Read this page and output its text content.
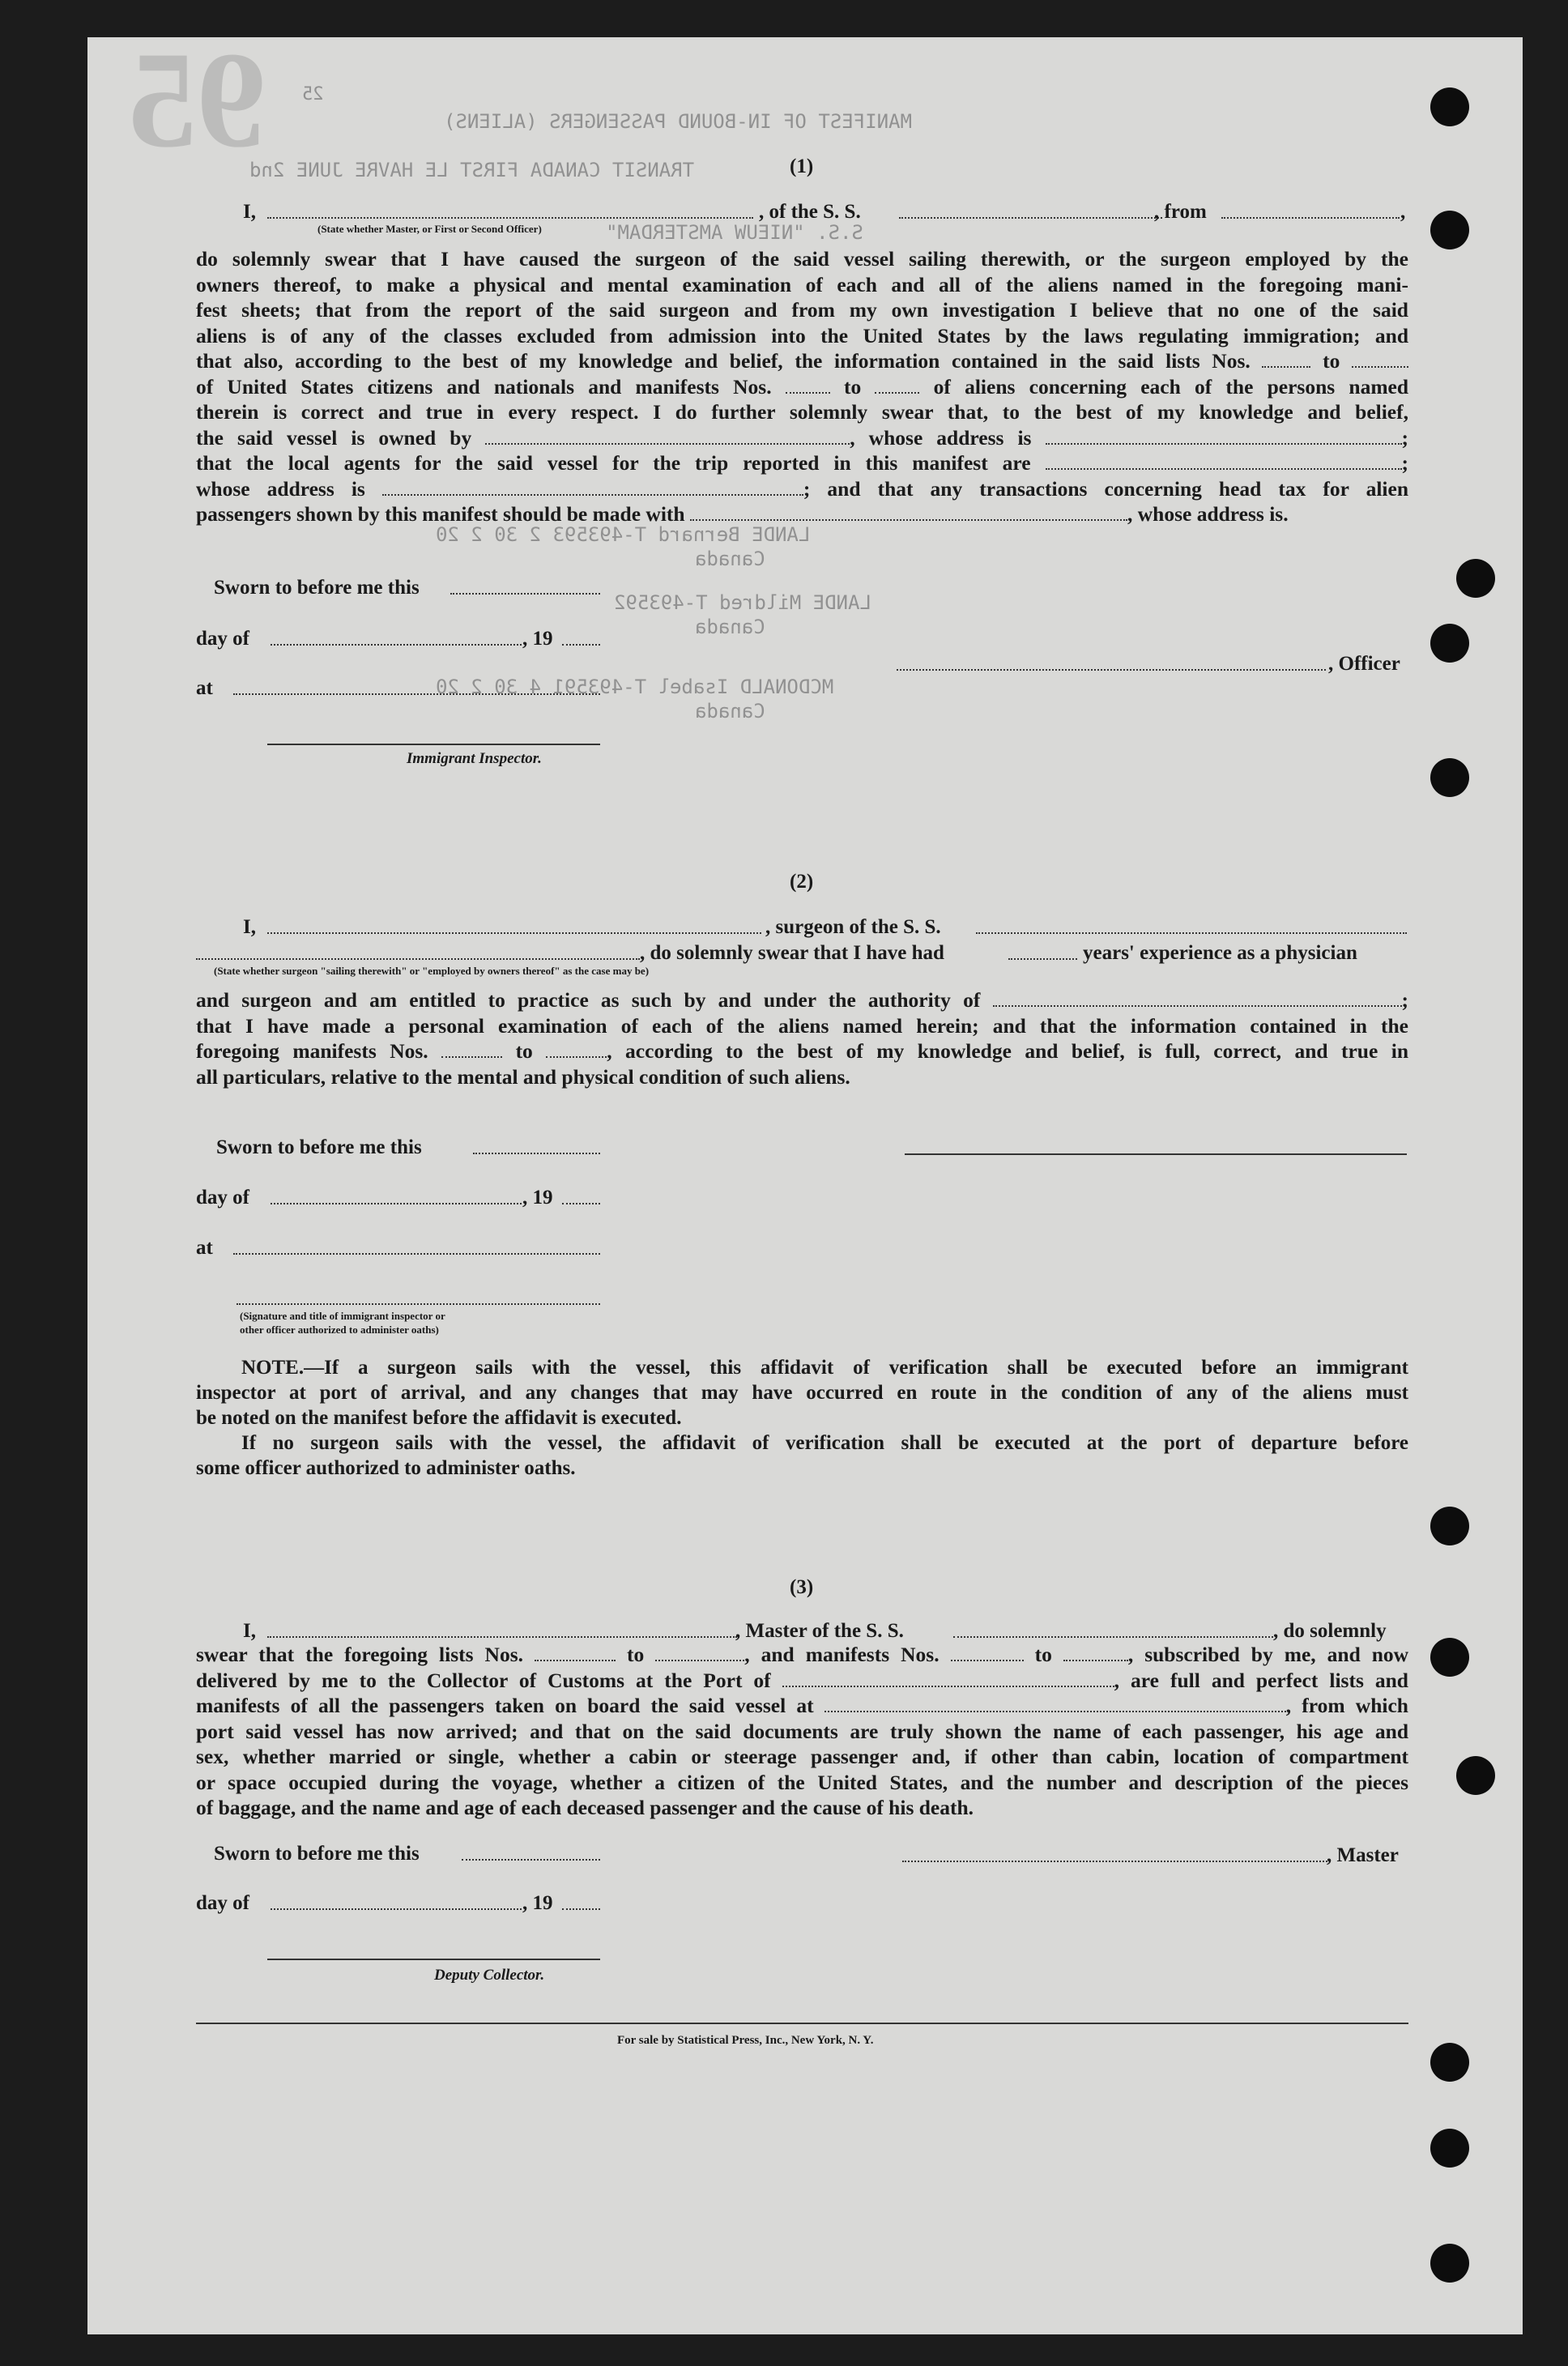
95 25
MANIFEST OF IN-BOUND PASSENGERS (ALIENS)
TRANSIT CANADA FIRST LE HAVRE JUNE 2nd
S.S. "NIEUW AMSTERDAM"
LANDE Bernard T-493593 2 30 2 20
Canada
LANDE Mildred T-493592
Canada
MCDONALD Isabel T-493591 4 30 2 20
Canada
(1)
I,	, of the S. S.	, from	,
(State whether Master, or First or Second Officer)
do solemnly swear that I have caused the surgeon of the said vessel sailing therewith, or the surgeon employed by the
owners thereof, to make a physical and mental examination of each and all of the aliens named in the foregoing mani-
fest sheets; that from the report of the said surgeon and from my own investigation I believe that no one of the said
aliens is of any of the classes excluded from admission into the United States by the laws regulating immigration; and
that also, according to the best of my knowledge and belief, the information contained in the said lists Nos.	to
of United States citizens and nationals and manifests Nos.	to	of aliens concerning each of the persons named
therein is correct and true in every respect. I do further solemnly swear that, to the best of my knowledge and belief,
the said vessel is owned by	, whose address is	;
that the local agents for the said vessel for the trip reported in this manifest are	;
whose address is	; and that any transactions concerning head tax for alien
passengers shown by this manifest should be made with	, whose address is.
Sworn to before me this
day of	, 19
at
Immigrant Inspector.
, Officer
(2)
I,	, surgeon of the S. S.
, do solemnly swear that I have had	years' experience as a physician
(State whether surgeon "sailing therewith" or "employed by owners thereof" as the case may be)
and surgeon and am entitled to practice as such by and under the authority of	;
that I have made a personal examination of each of the aliens named herein; and that the information contained in the
foregoing manifests Nos.	to	, according to the best of my knowledge and belief, is full, correct, and true in
all particulars, relative to the mental and physical condition of such aliens.
Sworn to before me this
day of	, 19
at
(Signature and title of immigrant inspector or
other officer authorized to administer oaths)
NOTE.—If a surgeon sails with the vessel, this affidavit of verification shall be executed before an immigrant
inspector at port of arrival, and any changes that may have occurred en route in the condition of any of the aliens must
be noted on the manifest before the affidavit is executed.
If no surgeon sails with the vessel, the affidavit of verification shall be executed at the port of departure before
some officer authorized to administer oaths.
(3)
I,	, Master of the S. S.	, do solemnly
swear that the foregoing lists Nos.	to	, and manifests Nos.	to	, subscribed by me, and now
delivered by me to the Collector of Customs at the Port of	, are full and perfect lists and
manifests of all the passengers taken on board the said vessel at	, from which
port said vessel has now arrived; and that on the said documents are truly shown the name of each passenger, his age and
sex, whether married or single, whether a cabin or steerage passenger and, if other than cabin, location of compartment
or space occupied during the voyage, whether a citizen of the United States, and the number and description of the pieces
of baggage, and the name and age of each deceased passenger and the cause of his death.
Sworn to before me this	, Master
day of	, 19
Deputy Collector.
For sale by Statistical Press, Inc., New York, N. Y.
